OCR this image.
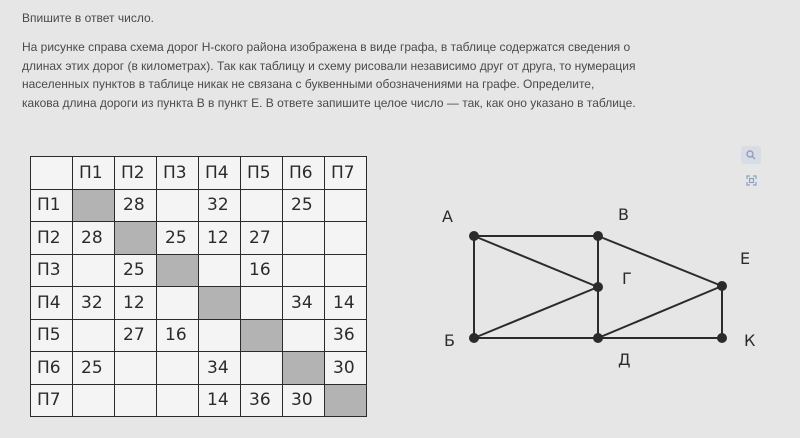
Впишите в ответ число.

На рисунке справа схема дорог Н-ского района изображена в виде графа, в таблице содержатся сведения о

длинах этих дорог (в километрах). Так как таблицу и схему рисовали независимо друг от друга, то нумерация

населенных пунктов в таблице никак не связана с буквенными обозначениями на графе. Определите,

какова длина дороги из пункта В в пункт Е. В ответе запишите целое число — так, как оно указано в таблице.

	П1	П2	П3	П4	П5	П6	П7
П1		28		32		25	
П2	28		25	12	27		
П3		25			16		
П4	32	12				34	14
П5		27	16				36
П6	25			34			30
П7				14	36	30	
А	В
Г
Е
Б
Д
К
